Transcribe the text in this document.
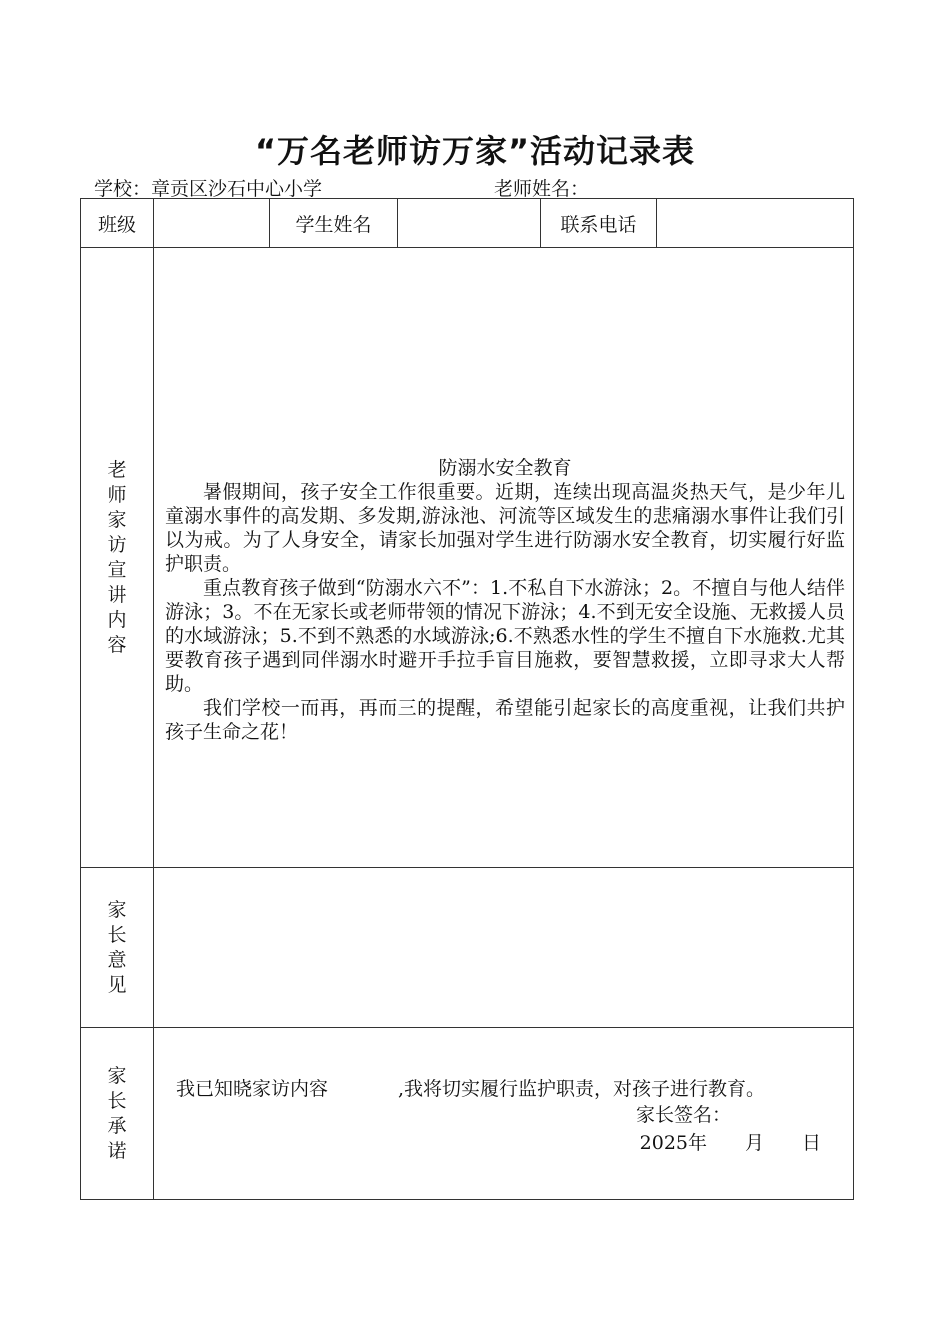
“万名老师访万家”活动记录表
学校：章贡区沙石中心小学	老师姓名：
班级		学生姓名		联系电话	
老师家访宣讲内容	防溺水安全教育

暑假期间，孩子安全工作很重要。近期，连续出现高温炎热天气，是少年儿童溺水事件的高发期、多发期,游泳池、河流等区域发生的悲痛溺水事件让我们引以为戒。为了人身安全，请家长加强对学生进行防溺水安全教育，切实履行好监护职责。

重点教育孩子做到“防溺水六不”：1.不私自下水游泳；2。不擅自与他人结伴游泳；3。不在无家长或老师带领的情况下游泳；4.不到无安全设施、无救援人员的水域游泳；5.不到不熟悉的水域游泳;6.不熟悉水性的学生不擅自下水施救.尤其要教育孩子遇到同伴溺水时避开手拉手盲目施救，要智慧救援，立即寻求大人帮助。

我们学校一而再，再而三的提醒，希望能引起家长的高度重视，让我们共护孩子生命之花！				

家长意见					
家长承诺	我已知晓家访内容 ,我将切实履行监护职责，对孩子进行教育。
家长签名：
2025年　　月　　日				
